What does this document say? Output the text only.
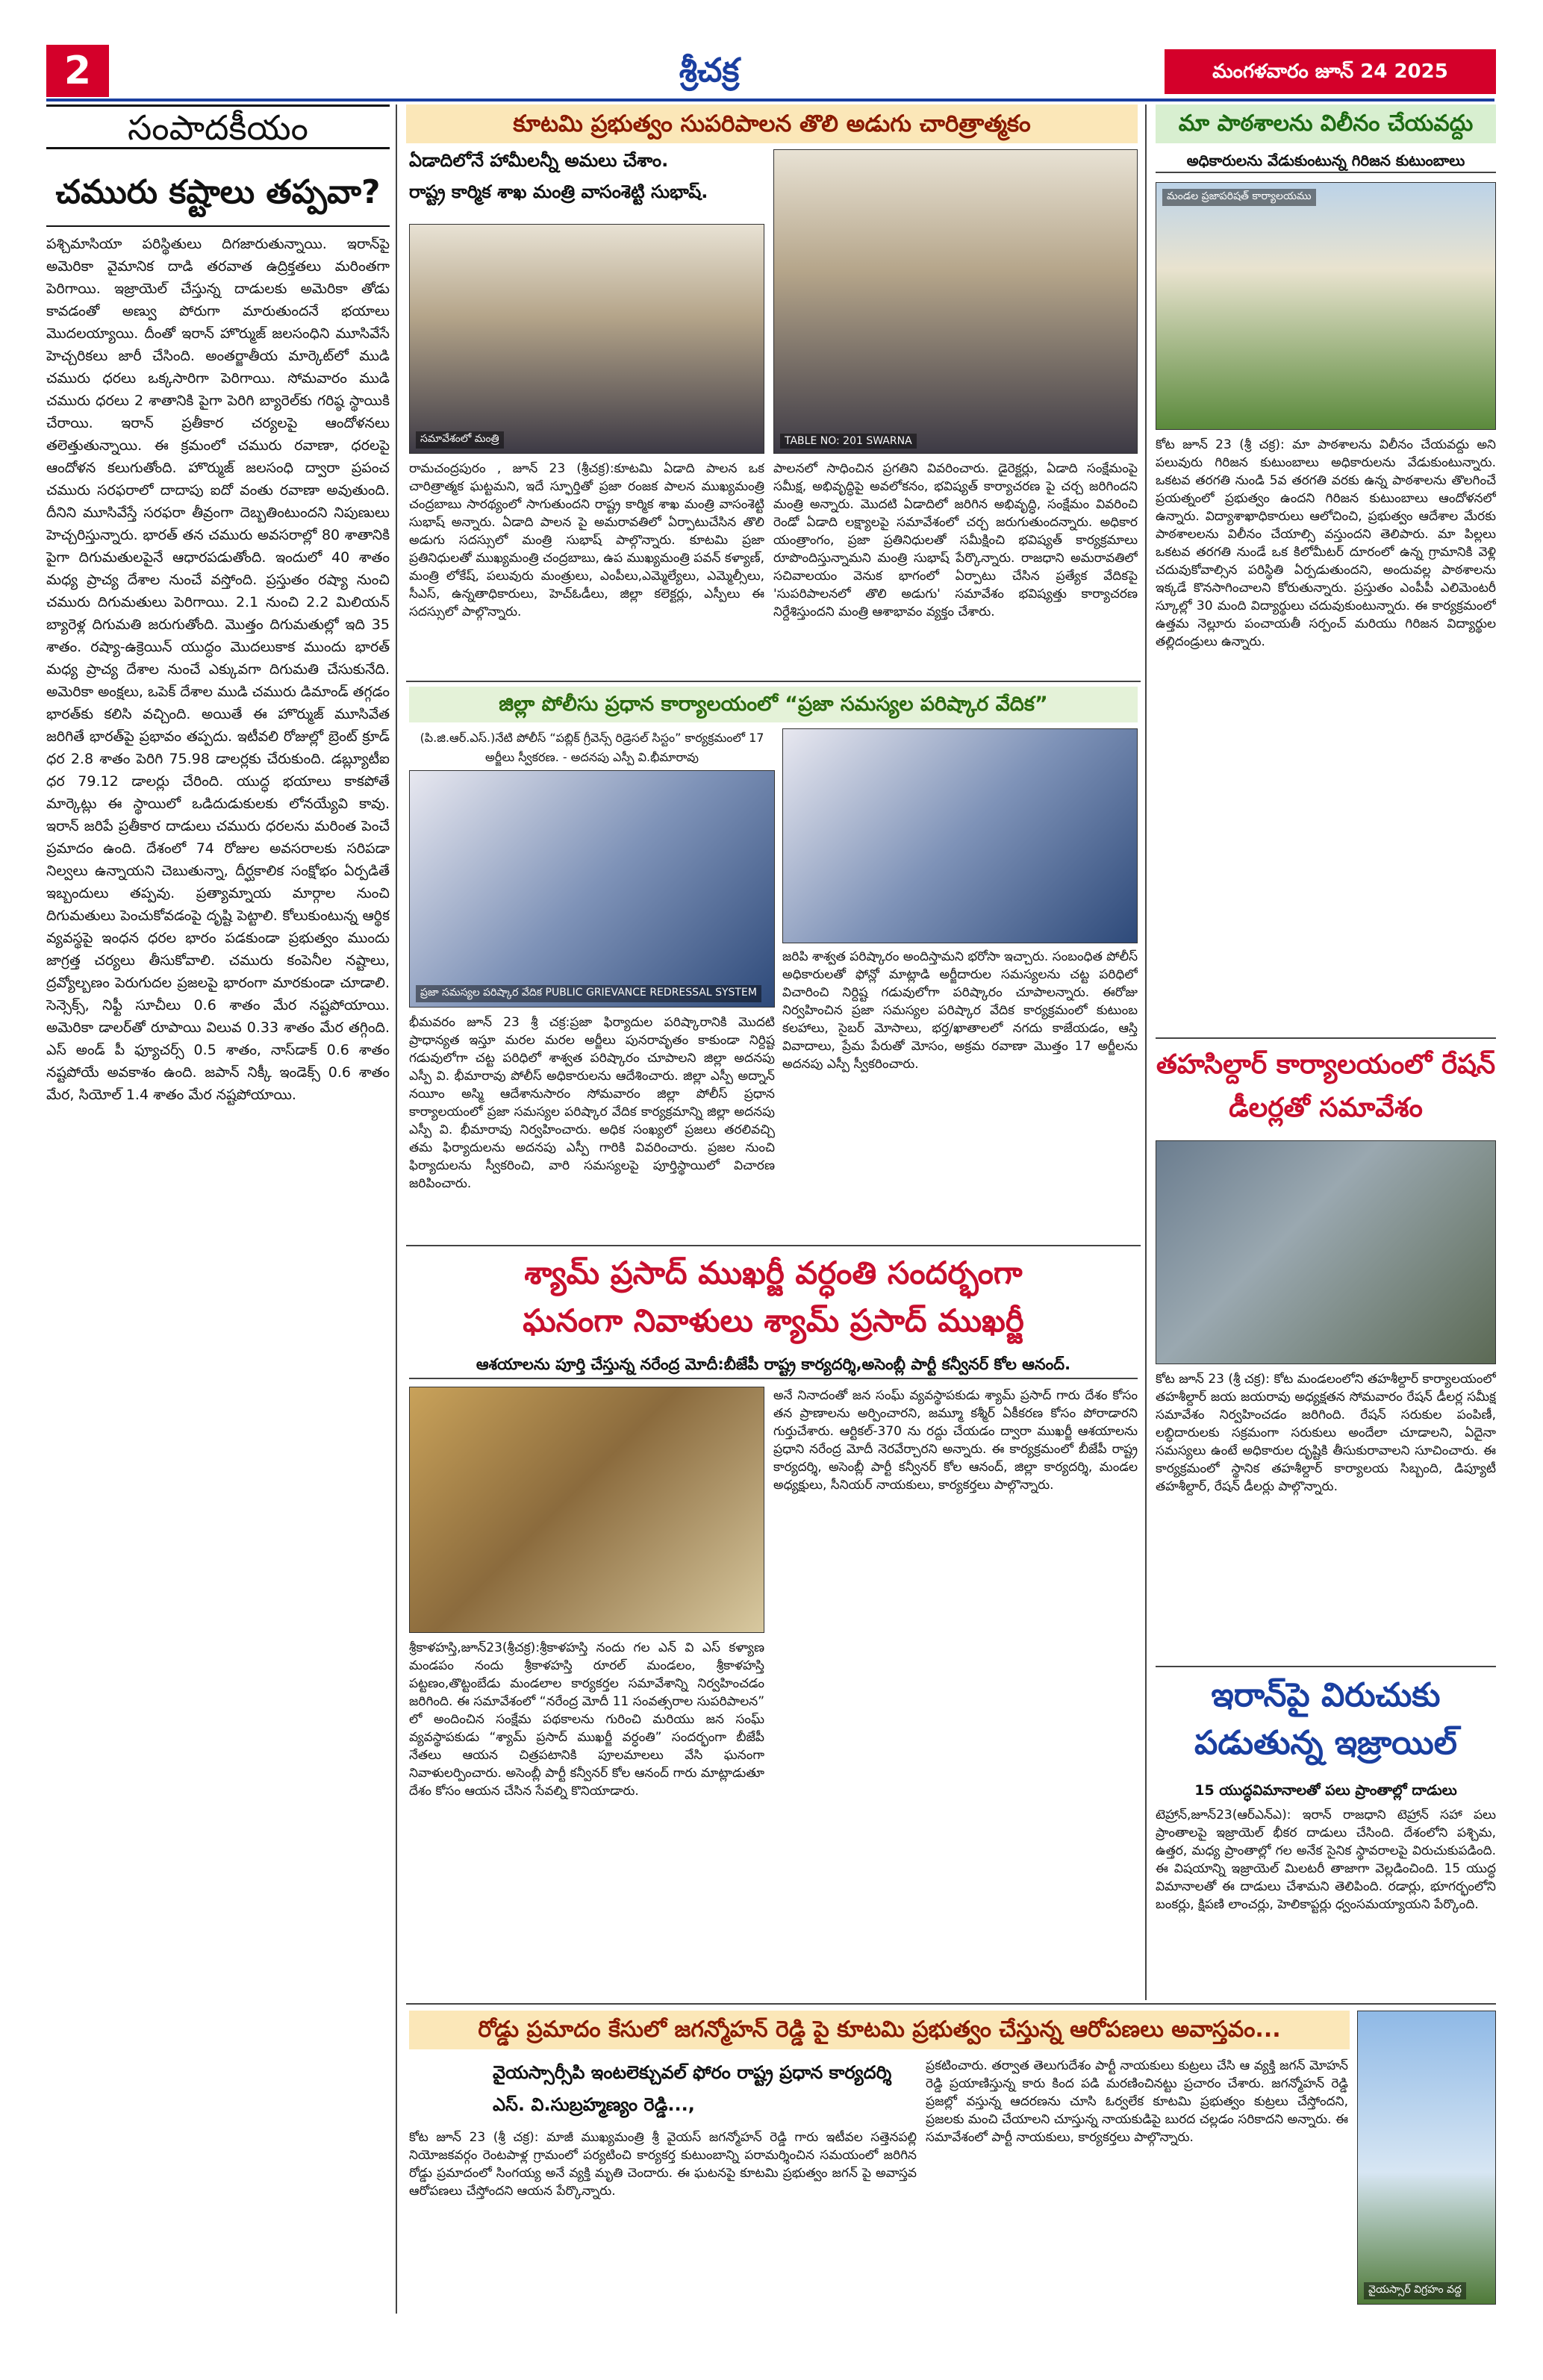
2	శ్రీచక్ర	మంగళవారం జూన్ 24 2025
సంపాదకీయం
చమురు కష్టాలు తప్పవా?
పశ్చిమాసియా పరిస్థితులు దిగజారుతున్నాయి. ఇరాన్‌పై అమెరికా వైమానిక దాడి తరవాత ఉద్రిక్తతలు మరింతగా పెరిగాయి. ఇజ్రాయెల్‌ చేస్తున్న దాడులకు అమెరికా తోడు కావడంతో అణ్వు పోరుగా మారుతుందనే భయాలు మొదలయ్యాయి. దీంతో ఇరాన్‌ హొర్ముజ్‌ జలసంధిని మూసివేసే హెచ్చరికలు జారీ చేసింది. అంతర్జాతీయ మార్కెట్‌లో ముడి చమురు ధరలు ఒక్కసారిగా పెరిగాయి. సోమవారం ముడి చమురు ధరలు 2 శాతానికి పైగా పెరిగి బ్యారెల్‌కు గరిష్ఠ స్థాయికి చేరాయి. ఇరాన్‌ ప్రతీకార చర్యలపై ఆందోళనలు తలెత్తుతున్నాయి. ఈ క్రమంలో చమురు రవాణా, ధరలపై ఆందోళన కలుగుతోంది. హొర్ముజ్‌ జలసంధి ద్వారా ప్రపంచ చమురు సరఫరాలో దాదాపు ఐదో వంతు రవాణా అవుతుంది. దీనిని మూసివేస్తే సరఫరా తీవ్రంగా దెబ్బతింటుందని నిపుణులు హెచ్చరిస్తున్నారు. భారత్‌ తన చమురు అవసరాల్లో 80 శాతానికి పైగా దిగుమతులపైనే ఆధారపడుతోంది. ఇందులో 40 శాతం మధ్య ప్రాచ్య దేశాల నుంచే వస్తోంది. ప్రస్తుతం రష్యా నుంచి చమురు దిగుమతులు పెరిగాయి. 2.1 నుంచి 2.2 మిలియన్‌ బ్యారెళ్ల దిగుమతి జరుగుతోంది. మొత్తం దిగుమతుల్లో ఇది 35 శాతం. రష్యా-ఉక్రెయిన్‌ యుద్ధం మొదలుకాక ముందు భారత్‌ మధ్య ప్రాచ్య దేశాల నుంచే ఎక్కువగా దిగుమతి చేసుకునేది. అమెరికా అంక్షలు, ఒపెక్‌ దేశాల ముడి చమురు డిమాండ్‌ తగ్గడం భారత్‌కు కలిసి వచ్చింది. అయితే ఈ హొర్ముజ్‌ మూసివేత జరిగితే భారత్‌పై ప్రభావం తప్పదు. ఇటీవలి రోజుల్లో బ్రెంట్‌ క్రూడ్‌ ధర 2.8 శాతం పెరిగి 75.98 డాలర్లకు చేరుకుంది. డబ్ల్యూటీఐ ధర 79.12 డాలర్లు చేరింది. యుద్ధ భయాలు కాకపోతే మార్కెట్లు ఈ స్థాయిలో ఒడిదుడుకులకు లోనయ్యేవి కావు. ఇరాన్‌ జరిపే ప్రతీకార దాడులు చమురు ధరలను మరింత పెంచే ప్రమాదం ఉంది. దేశంలో 74 రోజుల అవసరాలకు సరిపడా నిల్వలు ఉన్నాయని చెబుతున్నా, దీర్ఘకాలిక సంక్షోభం ఏర్పడితే ఇబ్బందులు తప్పవు. ప్రత్యామ్నాయ మార్గాల నుంచి దిగుమతులు పెంచుకోవడంపై దృష్టి పెట్టాలి. కోలుకుంటున్న ఆర్థిక వ్యవస్థపై ఇంధన ధరల భారం పడకుండా ప్రభుత్వం ముందు జాగ్రత్త చర్యలు తీసుకోవాలి. చమురు కంపెనీల నష్టాలు, ద్రవ్యోల్బణం పెరుగుదల ప్రజలపై భారంగా మారకుండా చూడాలి. సెన్సెక్స్‌, నిఫ్టీ సూచీలు 0.6 శాతం మేర నష్టపోయాయి. అమెరికా డాలర్‌తో రూపాయి విలువ 0.33 శాతం మేర తగ్గింది. ఎస్‌ అండ్‌ పీ ఫ్యూచర్స్‌ 0.5 శాతం, నాస్‌డాక్‌ 0.6 శాతం నష్టపోయే అవకాశం ఉంది. జపాన్‌ నిక్కీ ఇండెక్స్‌ 0.6 శాతం మేర, సియోల్‌ 1.4 శాతం మేర నష్టపోయాయి.
కూటమి ప్రభుత్వం సుపరిపాలన తొలి అడుగు చారిత్రాత్మకం
ఏడాదిలోనే హామీలన్నీ అమలు చేశాం.
రాష్ట్ర కార్మిక శాఖ మంత్రి వాసంశెట్టి సుభాష్‌.
సమావేశంలో మంత్రి	TABLE NO: 201 SWARNA
రామచంద్రపురం , జూన్ 23 (శ్రీచక్ర):కూటమి ఏడాది పాలన ఒక చారిత్రాత్మక ఘట్టమని, ఇదే స్ఫూర్తితో ప్రజా రంజక పాలన ముఖ్యమంత్రి చంద్రబాబు సారథ్యంలో సాగుతుందని రాష్ట్ర కార్మిక శాఖ మంత్రి వాసంశెట్టి సుభాష్ అన్నారు. ఏడాది పాలన పై అమరావతిలో ఏర్పాటుచేసిన తొలి అడుగు సదస్సులో మంత్రి సుభాష్ పాల్గొన్నారు. కూటమి ప్రజా ప్రతినిధులతో ముఖ్యమంత్రి చంద్రబాబు, ఉప ముఖ్యమంత్రి పవన్ కళ్యాణ్, మంత్రి లోకేష్, పలువురు మంత్రులు, ఎంపీలు,ఎమ్మెల్యేలు, ఎమ్మెల్సీలు, సీఎస్, ఉన్నతాధికారులు, హెచ్ఓడీలు, జిల్లా కలెక్టర్లు, ఎస్పీలు ఈ సదస్సులో పాల్గొన్నారు.
పాలనలో సాధించిన ప్రగతిని వివరించారు. డైరెక్టర్లు, ఏడాది సంక్షేమంపై సమీక్ష, అభివృద్ధిపై అవలోకనం, భవిష్యత్ కార్యాచరణ పై చర్చ జరిగిందని మంత్రి అన్నారు. మొదటి ఏడాదిలో జరిగిన అభివృద్ధి, సంక్షేమం వివరించి రెండో ఏడాది లక్ష్యాలపై సమావేశంలో చర్చ జరుగుతుందన్నారు. అధికార యంత్రాంగం, ప్రజా ప్రతినిధులతో సమీక్షించి భవిష్యత్ కార్యక్రమాలు రూపొందిస్తున్నామని మంత్రి సుభాష్ పేర్కొన్నారు. రాజధాని అమరావతిలో సచివాలయం వెనుక భాగంలో ఏర్పాటు చేసిన ప్రత్యేక వేదికపై 'సుపరిపాలనలో తొలి అడుగు' సమావేశం భవిష్యత్తు కార్యాచరణ నిర్దేశిస్తుందని మంత్రి ఆశాభావం వ్యక్తం చేశారు.
జిల్లా పోలీసు ప్రధాన కార్యాలయంలో “ప్రజా సమస్యల పరిష్కార వేదిక”
(పి.జి.ఆర్.ఎస్.)నేటి పోలీస్ “పబ్లిక్ గ్రీవెన్స్ రిడ్రెసల్ సిస్టం” కార్యక్రమంలో 17 అర్జీలు స్వీకరణ. - అదనపు ఎస్పీ వి.భీమారావు
ప్రజా సమస్యల పరిష్కార వేదిక PUBLIC GRIEVANCE REDRESSAL SYSTEM
జరిపి శాశ్వత పరిష్కారం అందిస్తామని భరోసా ఇచ్చారు. సంబంధిత పోలీస్ అధికారులతో ఫోన్లో మాట్లాడి అర్జీదారుల సమస్యలను చట్ట పరిధిలో విచారించి నిర్దిష్ట గడువులోగా పరిష్కారం చూపాలన్నారు. ఈరోజు నిర్వహించిన ప్రజా సమస్యల పరిష్కార వేదిక కార్యక్రమంలో కుటుంబ కలహాలు, సైబర్ మోసాలు, భర్త/ఖాతాలలో నగదు కాజేయడం, ఆస్తి వివాదాలు, ప్రేమ పేరుతో మోసం, అక్రమ రవాణా మొత్తం 17 అర్జీలను అదనపు ఎస్పీ స్వీకరించారు.
భీమవరం జూన్ 23 శ్రీ చక్ర:ప్రజా ఫిర్యాదుల పరిష్కారానికి మొదటి ప్రాధాన్యత ఇస్తూ మరల మరల అర్జీలు పునరావృతం కాకుండా నిర్దిష్ట గడువులోగా చట్ట పరిధిలో శాశ్వత పరిష్కారం చూపాలని జిల్లా అదనపు ఎస్పీ వి. భీమారావు పోలీస్ అధికారులను ఆదేశించారు. జిల్లా ఎస్పీ అద్నాన్ నయీం అస్మి ఆదేశానుసారం సోమవారం జిల్లా పోలీస్ ప్రధాన కార్యాలయంలో ప్రజా సమస్యల పరిష్కార వేదిక కార్యక్రమాన్ని జిల్లా అదనపు ఎస్పీ వి. భీమారావు నిర్వహించారు. అధిక సంఖ్యలో ప్రజలు తరలివచ్చి తమ ఫిర్యాదులను అదనపు ఎస్పీ గారికి వివరించారు. ప్రజల నుంచి ఫిర్యాదులను స్వీకరించి, వారి సమస్యలపై పూర్తిస్థాయిలో విచారణ జరిపించారు.
శ్యామ్ ప్రసాద్ ముఖర్జీ వర్ధంతి సందర్భంగా
ఘనంగా నివాళులు శ్యామ్ ప్రసాద్ ముఖర్జీ
ఆశయాలను పూర్తి చేస్తున్న నరేంద్ర మోదీ:బీజేపీ రాష్ట్ర కార్యదర్శి,అసెంబ్లీ పార్టీ కన్వీనర్ కోల ఆనంద్.
శ్రీకాళహస్తి,జూన్23(శ్రీచక్ర):శ్రీకాళహస్తి నందు గల ఎన్ వి ఎస్ కళ్యాణ మండపం నందు శ్రీకాళహస్తి రూరల్ మండలం, శ్రీకాళహస్తి పట్టణం,తొట్టంబేడు మండలాల కార్యకర్తల సమావేశాన్ని నిర్వహించడం జరిగింది. ఈ సమావేశంలో “నరేంద్ర మోదీ 11 సంవత్సరాల సుపరిపాలన” లో అందించిన సంక్షేమ పథకాలను గురించి మరియు జన సంఘ్ వ్యవస్థాపకుడు “శ్యామ్ ప్రసాద్ ముఖర్జీ వర్ధంతి” సందర్భంగా బీజేపీ నేతలు ఆయన చిత్రపటానికి పూలమాలలు వేసి ఘనంగా నివాళులర్పించారు. అసెంబ్లీ పార్టీ కన్వీనర్ కోల ఆనంద్ గారు మాట్లాడుతూ దేశం కోసం ఆయన చేసిన సేవల్ని కొనియాడారు.
అనే నినాదంతో జన సంఘ్ వ్యవస్థాపకుడు శ్యామ్ ప్రసాద్ గారు దేశం కోసం తన ప్రాణాలను అర్పించారని, జమ్మూ కశ్మీర్ ఏకీకరణ కోసం పోరాడారని గుర్తుచేశారు. ఆర్టికల్-370 ను రద్దు చేయడం ద్వారా ముఖర్జీ ఆశయాలను ప్రధాని నరేంద్ర మోదీ నెరవేర్చారని అన్నారు. ఈ కార్యక్రమంలో బీజేపీ రాష్ట్ర కార్యదర్శి, అసెంబ్లీ పార్టీ కన్వీనర్ కోల ఆనంద్, జిల్లా కార్యదర్శి, మండల అధ్యక్షులు, సీనియర్ నాయకులు, కార్యకర్తలు పాల్గొన్నారు.
మా పాఠశాలను విలీనం చేయవద్దు
అధికారులను వేడుకుంటున్న గిరిజన కుటుంబాలు
మండల ప్రజాపరిషత్ కార్యాలయము
కోట జూన్ 23 (శ్రీ చక్ర): మా పాఠశాలను విలీనం చేయవద్దు అని పలువురు గిరిజన కుటుంబాలు అధికారులను వేడుకుంటున్నారు. ఒకటవ తరగతి నుండి 5వ తరగతి వరకు ఉన్న పాఠశాలను తొలగించే ప్రయత్నంలో ప్రభుత్వం ఉందని గిరిజన కుటుంబాలు ఆందోళనలో ఉన్నారు. విద్యాశాఖాధికారులు ఆలోచించి, ప్రభుత్వం ఆదేశాల మేరకు పాఠశాలలను విలీనం చేయాల్సి వస్తుందని తెలిపారు. మా పిల్లలు ఒకటవ తరగతి నుండే ఒక కిలోమీటర్ దూరంలో ఉన్న గ్రామానికి వెళ్లి చదువుకోవాల్సిన పరిస్థితి ఏర్పడుతుందని, అందువల్ల పాఠశాలను ఇక్కడే కొనసాగించాలని కోరుతున్నారు. ప్రస్తుతం ఎంపీపీ ఎలిమెంటరీ స్కూల్లో 30 మంది విద్యార్థులు చదువుకుంటున్నారు. ఈ కార్యక్రమంలో ఉత్తమ నెల్లూరు పంచాయతీ సర్పంచ్ మరియు గిరిజన విద్యార్థుల తల్లిదండ్రులు ఉన్నారు.
తహసిల్దార్ కార్యాలయంలో రేషన్ డీలర్లతో సమావేశం
కోట జూన్ 23 (శ్రీ చక్ర): కోట మండలంలోని తహశీల్దార్ కార్యాలయంలో తహశీల్దార్ జయ జయరావు అధ్యక్షతన సోమవారం రేషన్ డీలర్ల సమీక్ష సమావేశం నిర్వహించడం జరిగింది. రేషన్ సరుకుల పంపిణీ, లబ్ధిదారులకు సక్రమంగా సరుకులు అందేలా చూడాలని, ఏదైనా సమస్యలు ఉంటే అధికారుల దృష్టికి తీసుకురావాలని సూచించారు. ఈ కార్యక్రమంలో స్థానిక తహశీల్దార్ కార్యాలయ సిబ్బంది, డిప్యూటీ తహశీల్దార్, రేషన్ డీలర్లు పాల్గొన్నారు.
ఇరాన్‌పై విరుచుకు పడుతున్న ఇజ్రాయిల్
15 యుద్ధవిమానాలతో పలు ప్రాంతాల్లో దాడులు
టెహ్రాన్,జూన్23(ఆర్ఎన్ఎ): ఇరాన్ రాజధాని టెహ్రాన్ సహా పలు ప్రాంతాలపై ఇజ్రాయెల్ భీకర దాడులు చేసింది. దేశంలోని పశ్చిమ, ఉత్తర, మధ్య ప్రాంతాల్లో గల అనేక సైనిక స్థావరాలపై విరుచుకుపడింది. ఈ విషయాన్ని ఇజ్రాయెల్ మిలటరీ తాజాగా వెల్లడించింది. 15 యుద్ధ విమానాలతో ఈ దాడులు చేశామని తెలిపింది. రడార్లు, భూగర్భంలోని బంకర్లు, క్షిపణి లాంచర్లు, హెలికాప్టర్లు ధ్వంసమయ్యాయని పేర్కొంది.
రోడ్డు ప్రమాదం కేసులో జగన్మోహన్ రెడ్డి పై కూటమి ప్రభుత్వం చేస్తున్న ఆరోపణలు అవాస్తవం...
వైయస్సార్సీపి ఇంటలెక్చువల్ ఫోరం రాష్ట్ర ప్రధాన కార్యదర్శి ఎస్. వి.సుబ్రహ్మణ్యం రెడ్డి...,
కోట జూన్ 23 (శ్రీ చక్ర): మాజీ ముఖ్యమంత్రి శ్రీ వైయస్ జగన్మోహన్ రెడ్డి గారు ఇటీవల సత్తెనపల్లి నియోజకవర్గం రెంటపాళ్ల గ్రామంలో పర్యటించి కార్యకర్త కుటుంబాన్ని పరామర్శించిన సమయంలో జరిగిన రోడ్డు ప్రమాదంలో సింగయ్య అనే వ్యక్తి మృతి చెందారు. ఈ ఘటనపై కూటమి ప్రభుత్వం జగన్ పై అవాస్తవ ఆరోపణలు చేస్తోందని ఆయన పేర్కొన్నారు.
ప్రకటించారు. తర్వాత తెలుగుదేశం పార్టీ నాయకులు కుట్రలు చేసి ఆ వ్యక్తి జగన్ మోహన్ రెడ్డి ప్రయాణిస్తున్న కారు కింద పడి మరణించినట్టు ప్రచారం చేశారు. జగన్మోహన్ రెడ్డి ప్రజల్లో వస్తున్న ఆదరణను చూసి ఓర్వలేక కూటమి ప్రభుత్వం కుట్రలు చేస్తోందని, ప్రజలకు మంచి చేయాలని చూస్తున్న నాయకుడిపై బురద చల్లడం సరికాదని అన్నారు. ఈ సమావేశంలో పార్టీ నాయకులు, కార్యకర్తలు పాల్గొన్నారు.
వైయస్సార్ విగ్రహం వద్ద
